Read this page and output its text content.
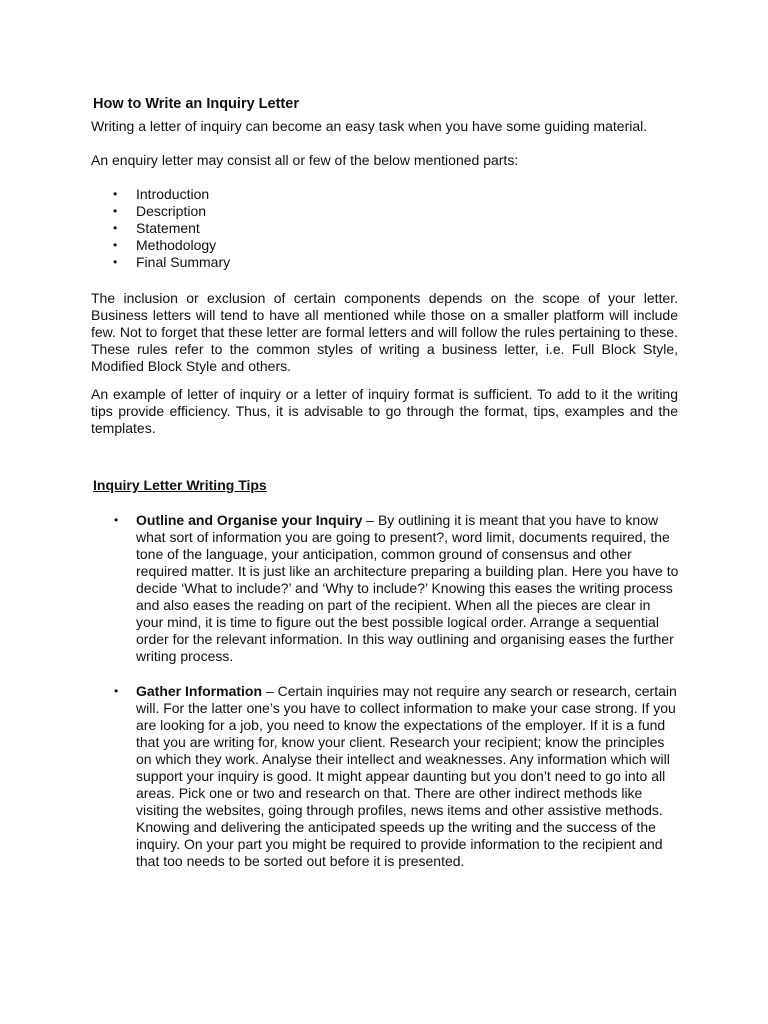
How to Write an Inquiry Letter

Writing a letter of inquiry can become an easy task when you have some guiding material.

An enquiry letter may consist all or few of the below mentioned parts:

• Introduction
• Description
• Statement
• Methodology
• Final Summary

The inclusion or exclusion of certain components depends on the scope of your letter. Business letters will tend to have all mentioned while those on a smaller platform will include few. Not to forget that these letter are formal letters and will follow the rules pertaining to these. These rules refer to the common styles of writing a business letter, i.e. Full Block Style, Modified Block Style and others.

An example of letter of inquiry or a letter of inquiry format is sufficient. To add to it the writing tips provide efficiency. Thus, it is advisable to go through the format, tips, examples and the templates.

Inquiry Letter Writing Tips
• Outline and Organise your Inquiry – By outlining it is meant that you have to know what sort of information you are going to present?, word limit, documents required, the tone of the language, your anticipation, common ground of consensus and other required matter. It is just like an architecture preparing a building plan. Here you have to decide ‘What to include?’ and ‘Why to include?’ Knowing this eases the writing process and also eases the reading on part of the recipient. When all the pieces are clear in your mind, it is time to figure out the best possible logical order. Arrange a sequential order for the relevant information. In this way outlining and organising eases the further writing process.

• Gather Information – Certain inquiries may not require any search or research, certain will. For the latter one’s you have to collect information to make your case strong. If you are looking for a job, you need to know the expectations of the employer. If it is a fund that you are writing for, know your client. Research your recipient; know the principles on which they work. Analyse their intellect and weaknesses. Any information which will support your inquiry is good. It might appear daunting but you don’t need to go into all areas. Pick one or two and research on that. There are other indirect methods like visiting the websites, going through profiles, news items and other assistive methods. Knowing and delivering the anticipated speeds up the writing and the success of the inquiry. On your part you might be required to provide information to the recipient and that too needs to be sorted out before it is presented.
